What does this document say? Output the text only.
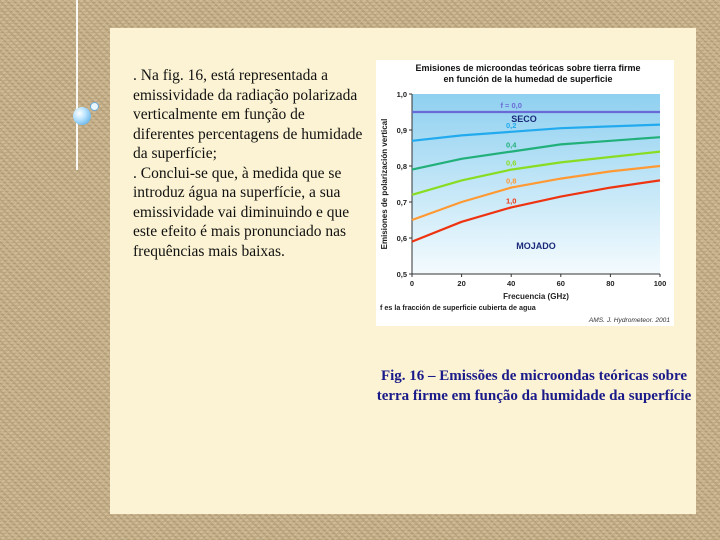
. Na fig. 16, está representada a emissividade da radiação polarizada verticalmente em função de diferentes percentagens de humidade da superfície;

. Conclui-se que, à medida que se introduz água na superfície, a sua emissividade vai diminuindo e que este efeito é mais pronunciado nas frequências mais baixas.

Emisiones de microondas teóricas sobre tierra firme
en función de la humedad de superficie
1,0
0,9
0,8
0,7
0,6
0,5
0	20	40	60	80	100
f = 0,0
0,2
0,4
0,6
0,8
1,0
Emisiones de polarización vertical
Frecuencia (GHz)
SECO
MOJADO
f es la fracción de superficie cubierta de agua
AMS. J. Hydrometeor. 2001

Fig. 16 – Emissões de microondas teóricas sobre terra firme em função da humidade da superfície
